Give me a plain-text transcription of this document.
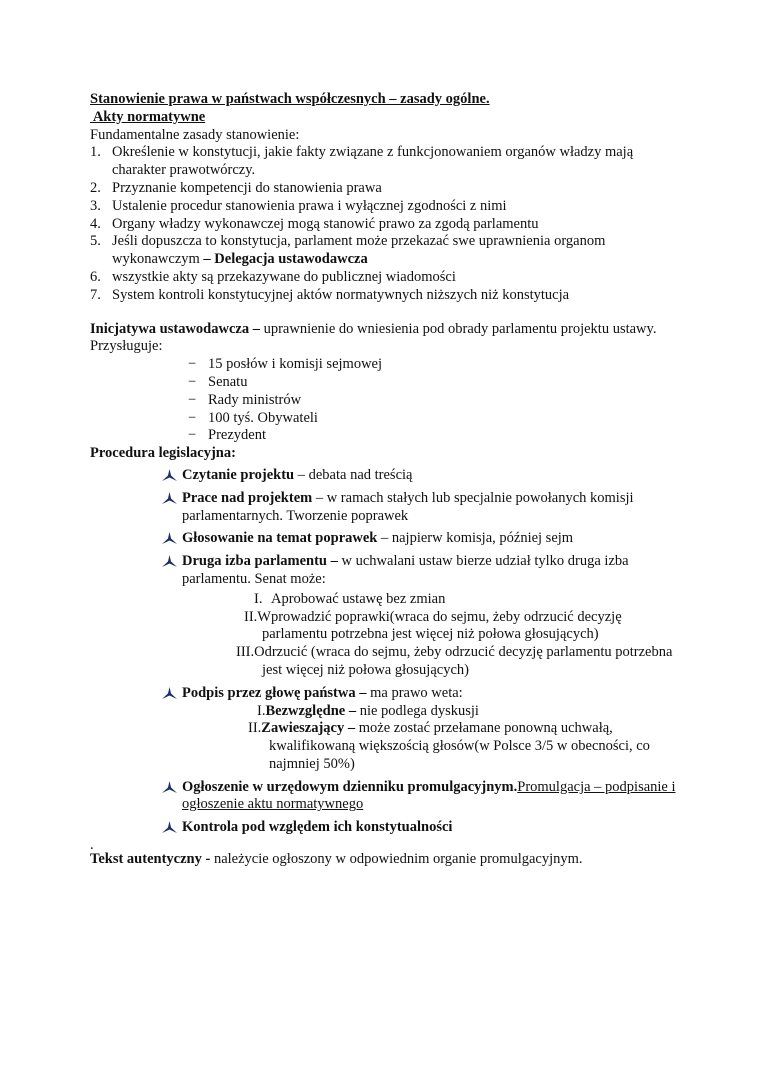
Stanowienie prawa w państwach współczesnych – zasady ogólne.

Akty normatywne

Fundamentalne zasady stanowienie:

1. Określenie w konstytucji, jakie fakty związane z funkcjonowaniem organów władzy mają charakter prawotwórczy.
2. Przyznanie kompetencji do stanowienia prawa
3. Ustalenie procedur stanowienia prawa i wyłącznej zgodności z nimi
4. Organy władzy wykonawczej mogą stanowić prawo za zgodą parlamentu
5. Jeśli dopuszcza to konstytucja, parlament może przekazać swe uprawnienia organom wykonawczym – Delegacja ustawodawcza
6. wszystkie akty są przekazywane do publicznej wiadomości
7. System kontroli konstytucyjnej aktów normatywnych niższych niż konstytucja

Inicjatywa ustawodawcza – uprawnienie do wniesienia pod obrady parlamentu projektu ustawy. Przysługuje:

− 15 posłów i komisji sejmowej
− Senatu
− Rady ministrów
− 100 tyś. Obywateli
− Prezydent

Procedura legislacyjna:

Czytanie projektu – debata nad treścią
Prace nad projektem – w ramach stałych lub specjalnie powołanych komisji parlamentarnych. Tworzenie poprawek
Głosowanie na temat poprawek – najpierw komisja, później sejm
Druga izba parlamentu – w uchwalani ustaw bierze udział tylko druga izba parlamentu. Senat może:
I. Aprobować ustawę bez zmian
II.Wprowadzić poprawki(wraca do sejmu, żeby odrzucić decyzję parlamentu potrzebna jest więcej niż połowa głosujących)
III.Odrzucić (wraca do sejmu, żeby odrzucić decyzję parlamentu potrzebna jest więcej niż połowa głosujących)
Podpis przez głowę państwa – ma prawo weta:
I.Bezwzględne – nie podlega dyskusji
II.Zawieszający – może zostać przełamane ponowną uchwałą, kwalifikowaną większością głosów(w Polsce 3/5 w obecności, co najmniej 50%)
Ogłoszenie w urzędowym dzienniku promulgacyjnym.Promulgacja – podpisanie i ogłoszenie aktu normatywnego
Kontrola pod względem ich konstytualności

.

Tekst autentyczny - należycie ogłoszony w odpowiednim organie promulgacyjnym.
